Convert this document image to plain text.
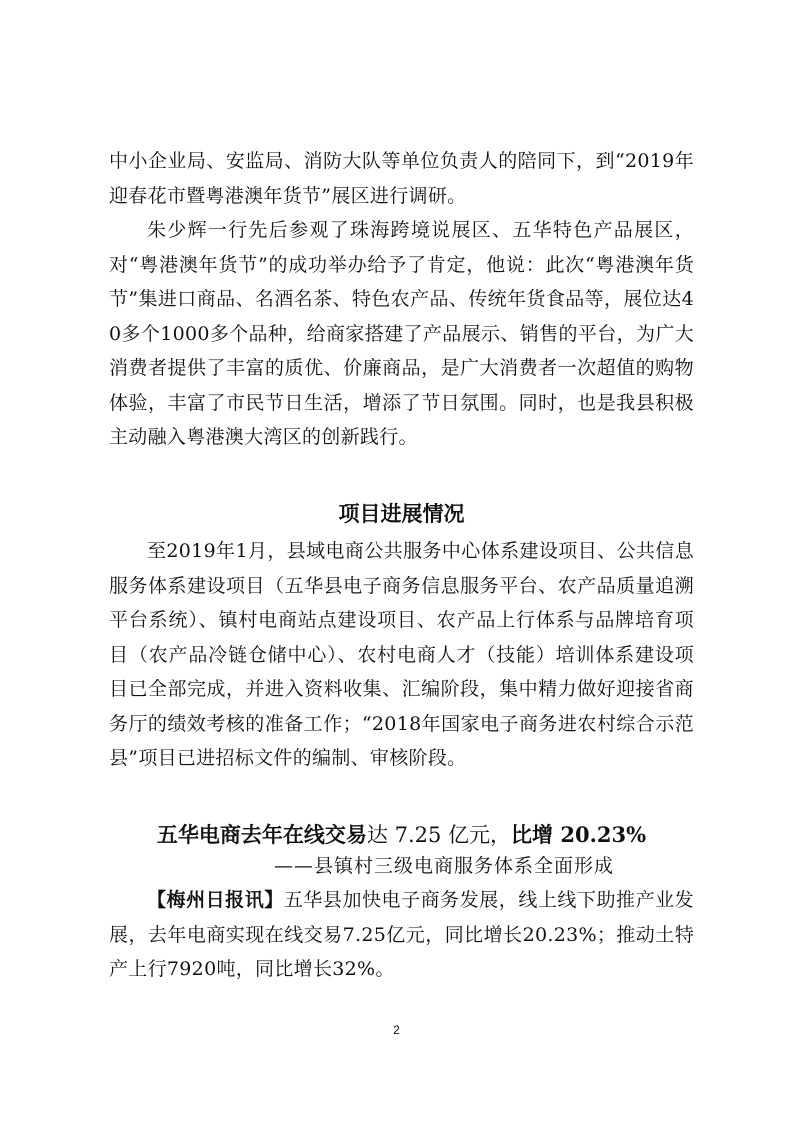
中小企业局、安监局、消防大队等单位负责人的陪同下，到“2019年迎春花市暨粤港澳年货节”展区进行调研。

朱少辉一行先后参观了珠海跨境说展区、五华特色产品展区，对“粤港澳年货节”的成功举办给予了肯定，他说：此次“粤港澳年货节”集进口商品、名酒名茶、特色农产品、传统年货食品等，展位达40多个1000多个品种，给商家搭建了产品展示、销售的平台，为广大消费者提供了丰富的质优、价廉商品，是广大消费者一次超值的购物体验，丰富了市民节日生活，增添了节日氛围。同时，也是我县积极主动融入粤港澳大湾区的创新践行。

项目进展情况

至2019年1月，县域电商公共服务中心体系建设项目、公共信息服务体系建设项目（五华县电子商务信息服务平台、农产品质量追溯平台系统）、镇村电商站点建设项目、农产品上行体系与品牌培育项目（农产品冷链仓储中心）、农村电商人才（技能）培训体系建设项目已全部完成，并进入资料收集、汇编阶段，集中精力做好迎接省商务厅的绩效考核的准备工作；“2018年国家电子商务进农村综合示范县”项目已进招标文件的编制、审核阶段。

五华电商去年在线交易达 7.25 亿元，比增 20.23%

——县镇村三级电商服务体系全面形成

【梅州日报讯】五华县加快电子商务发展，线上线下助推产业发展，去年电商实现在线交易7.25亿元，同比增长20.23%；推动土特产上行7920吨，同比增长32%。

2
